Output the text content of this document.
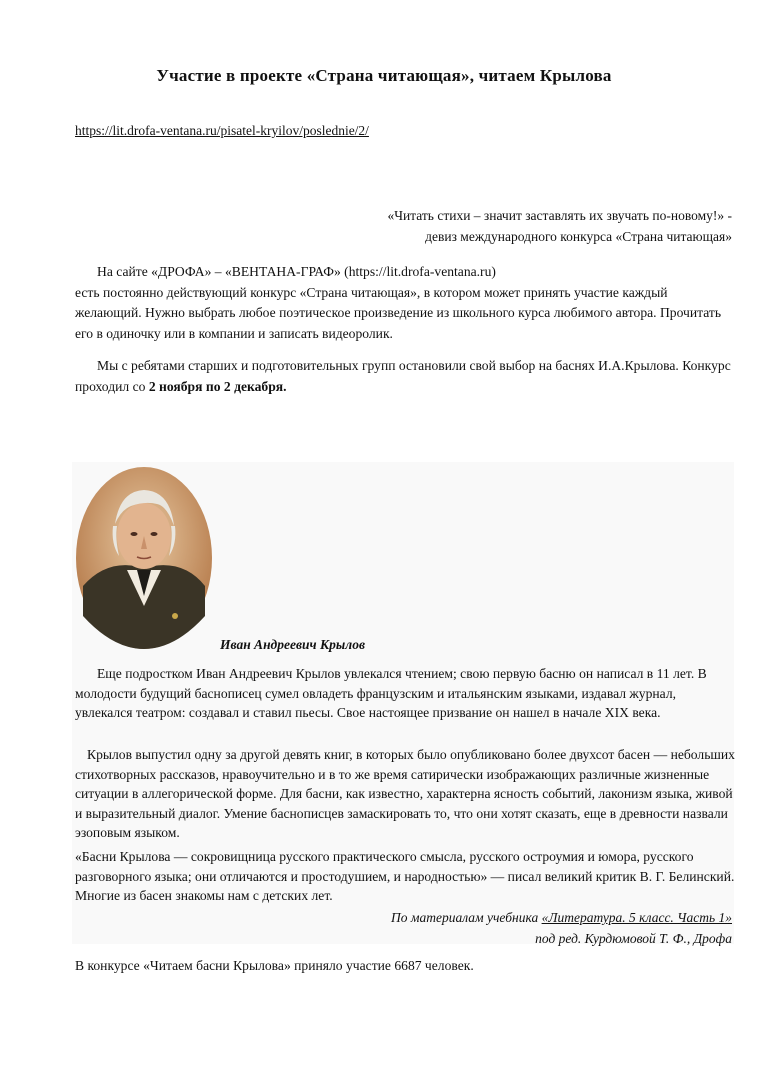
Участие в проекте «Страна читающая», читаем Крылова
https://lit.drofa-ventana.ru/pisatel-kryilov/poslednie/2/
«Читать стихи – значит заставлять их звучать по-новому!» -
девиз международного конкурса «Страна читающая»
На сайте «ДРОФА» – «ВЕНТАНА-ГРАФ» (https://lit.drofa-ventana.ru)
есть постоянно действующий конкурс «Страна читающая», в котором может принять участие каждый желающий. Нужно выбрать любое поэтическое произведение из школьного курса любимого автора. Прочитать его в одиночку или в компании и записать видеоролик.
Мы с ребятами старших и подготовительных групп остановили свой выбор на баснях И.А.Крылова. Конкурс проходил со 2 ноября по 2 декабря.
Иван Андреевич Крылов
Еще подростком Иван Андреевич Крылов увлекался чтением; свою первую басню он написал в 11 лет. В молодости будущий баснописец сумел овладеть французским и итальянским языками, издавал журнал, увлекался театром: создавал и ставил пьесы. Свое настоящее призвание он нашел в начале XIX века.
Крылов выпустил одну за другой девять книг, в которых было опубликовано более двухсот басен — небольших стихотворных рассказов, нравоучительно и в то же время сатирически изображающих различные жизненные ситуации в аллегорической форме. Для басни, как известно, характерна ясность событий, лаконизм языка, живой и выразительный диалог. Умение баснописцев замаскировать то, что они хотят сказать, еще в древности назвали эзоповым языком.
«Басни Крылова — сокровищница русского практического смысла, русского остроумия и юмора, русского разговорного языка; они отличаются и простодушием, и народностью» — писал великий критик В. Г. Белинский. Многие из басен знакомы нам с детских лет.
По материалам учебника «Литература. 5 класс. Часть 1»
под ред. Курдюмовой Т. Ф., Дрофа
В конкурсе «Читаем басни Крылова» приняло участие 6687 человек.
